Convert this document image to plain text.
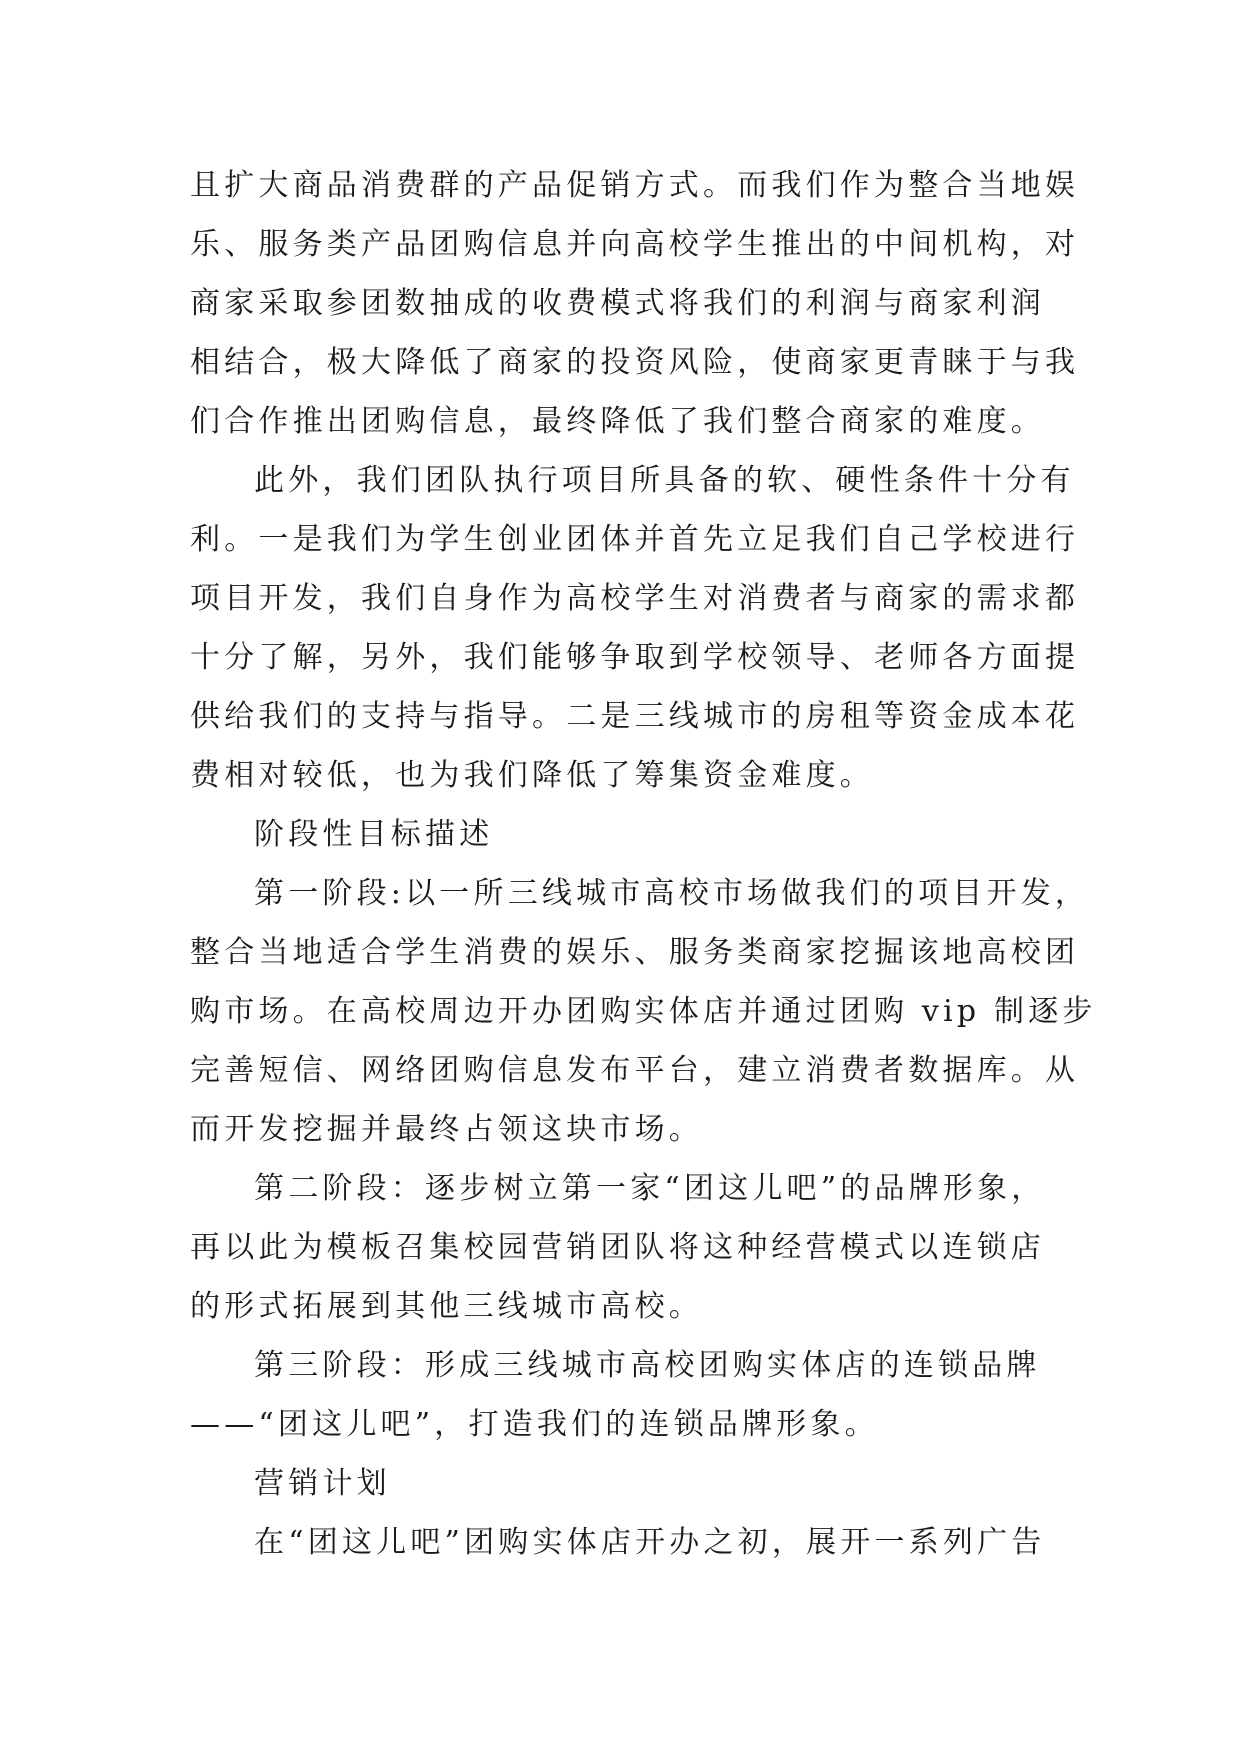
且扩大商品消费群的产品促销方式。而我们作为整合当地娱
乐、服务类产品团购信息并向高校学生推出的中间机构，对
商家采取参团数抽成的收费模式将我们的利润与商家利润
相结合，极大降低了商家的投资风险，使商家更青睐于与我
们合作推出团购信息，最终降低了我们整合商家的难度。
此外，我们团队执行项目所具备的软、硬性条件十分有
利。一是我们为学生创业团体并首先立足我们自己学校进行
项目开发，我们自身作为高校学生对消费者与商家的需求都
十分了解，另外，我们能够争取到学校领导、老师各方面提
供给我们的支持与指导。二是三线城市的房租等资金成本花
费相对较低，也为我们降低了筹集资金难度。
阶段性目标描述
第一阶段:以一所三线城市高校市场做我们的项目开发，
整合当地适合学生消费的娱乐、服务类商家挖掘该地高校团
购市场。在高校周边开办团购实体店并通过团购 vip 制逐步
完善短信、网络团购信息发布平台，建立消费者数据库。从
而开发挖掘并最终占领这块市场。
第二阶段：逐步树立第一家“团这儿吧”的品牌形象，
再以此为模板召集校园营销团队将这种经营模式以连锁店
的形式拓展到其他三线城市高校。
第三阶段：形成三线城市高校团购实体店的连锁品牌
——“团这儿吧”，打造我们的连锁品牌形象。
营销计划
在“团这儿吧”团购实体店开办之初，展开一系列广告
